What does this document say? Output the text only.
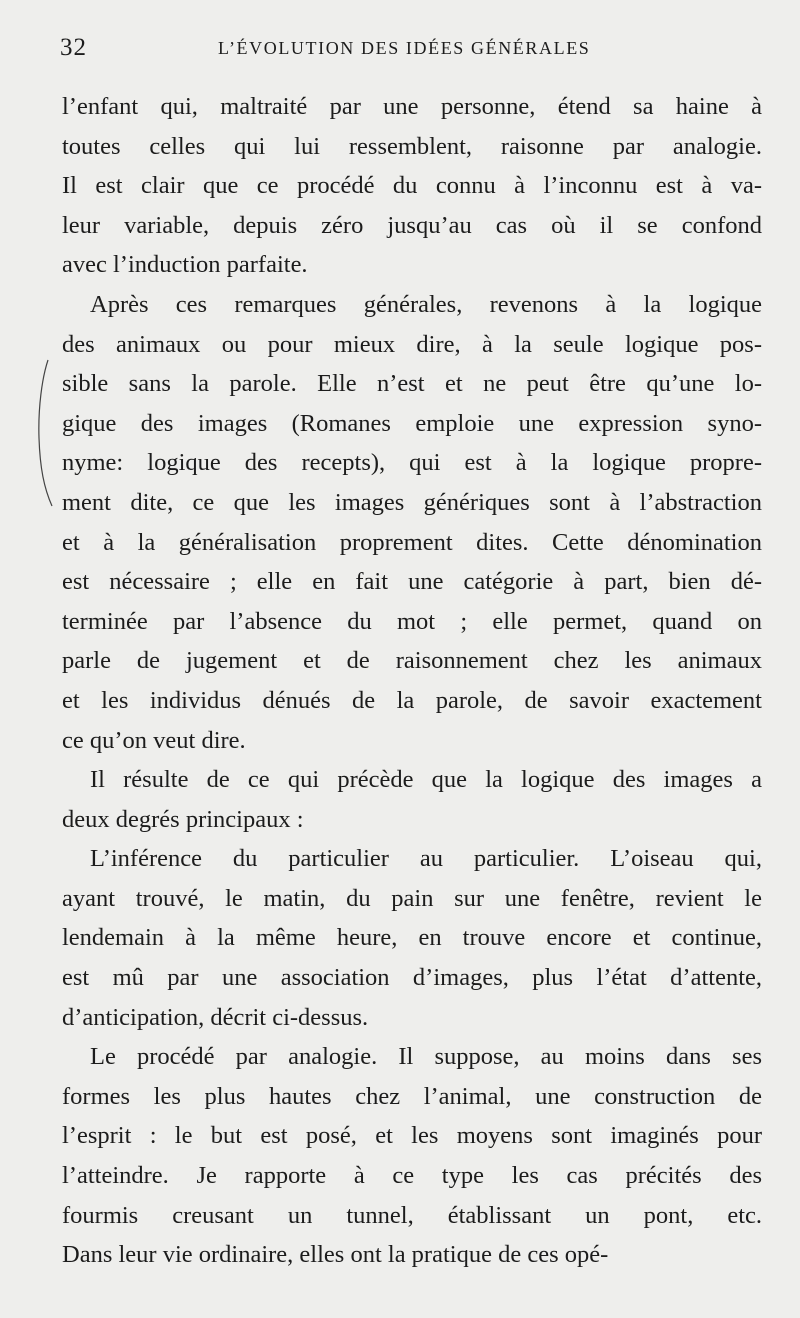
32	L’ÉVOLUTION DES IDÉES GÉNÉRALES
l’enfant qui, maltraité par une personne, étend sa haine à
toutes celles qui lui ressemblent, raisonne par analogie.
Il est clair que ce procédé du connu à l’inconnu est à va-
leur variable, depuis zéro jusqu’au cas où il se confond
avec l’induction parfaite.
Après ces remarques générales, revenons à la logique
des animaux ou pour mieux dire, à la seule logique pos-
sible sans la parole. Elle n’est et ne peut être qu’une lo-
gique des images (Romanes emploie une expression syno-
nyme: logique des recepts), qui est à la logique propre-
ment dite, ce que les images génériques sont à l’abstraction
et à la généralisation proprement dites. Cette dénomination
est nécessaire ; elle en fait une catégorie à part, bien dé-
terminée par l’absence du mot ; elle permet, quand on
parle de jugement et de raisonnement chez les animaux
et les individus dénués de la parole, de savoir exactement
ce qu’on veut dire.
Il résulte de ce qui précède que la logique des images a
deux degrés principaux :
L’inférence du particulier au particulier. L’oiseau qui,
ayant trouvé, le matin, du pain sur une fenêtre, revient le
lendemain à la même heure, en trouve encore et continue,
est mû par une association d’images, plus l’état d’attente,
d’anticipation, décrit ci-dessus.
Le procédé par analogie. Il suppose, au moins dans ses
formes les plus hautes chez l’animal, une construction de
l’esprit : le but est posé, et les moyens sont imaginés pour
l’atteindre. Je rapporte à ce type les cas précités des
fourmis creusant un tunnel, établissant un pont, etc.
Dans leur vie ordinaire, elles ont la pratique de ces opé-
